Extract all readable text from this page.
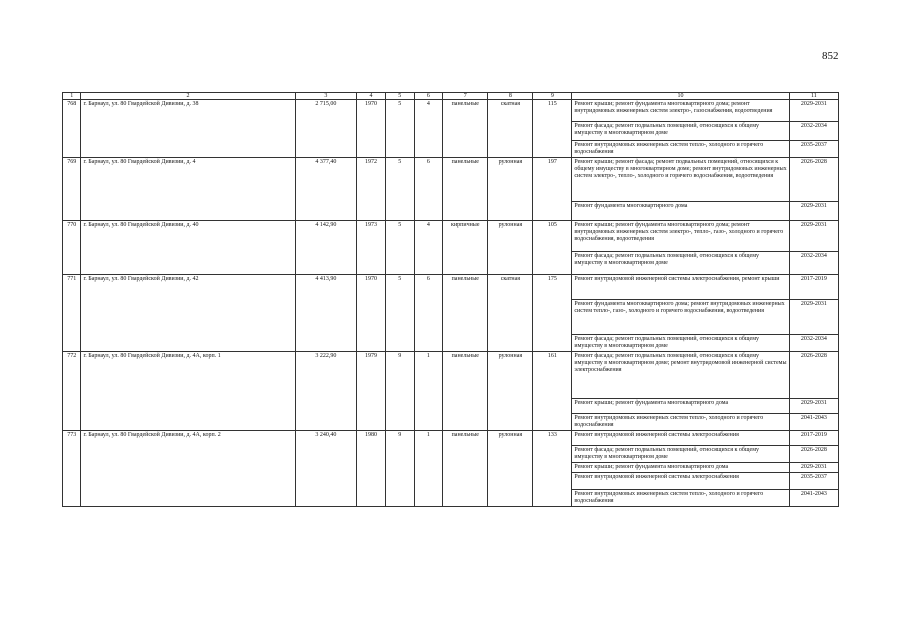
852
1	2	3	4	5	6	7	8	9	10	11
768	г. Барнаул, ул. 80 Гвардейской Дивизии, д. 38	2 715,00	1970	5	4	панельные	скатная	115	Ремонт крыши; ремонт фундамента многоквартирного дома; ремонт внутридомовых инженерных систем электро-, газоснабжения, водоотведения	2029-2031
									Ремонт фасада; ремонт подвальных помещений, относящихся к общему имуществу в многоквартирном доме	2032-2034
									Ремонт внутридомовых инженерных систем тепло-, холодного и горячего водоснабжения	2035-2037
769	г. Барнаул, ул. 80 Гвардейской Дивизии, д. 4	4 377,40	1972	5	6	панельные	рулонная	197	Ремонт крыши; ремонт фасада; ремонт подвальных помещений, относящихся к общему имуществу в многоквартирном доме; ремонт внутридомовых инженерных систем электро-, тепло-, холодного и горячего водоснабжения, водоотведения	2026-2028
									Ремонт фундамента многоквартирного дома	2029-2031
770	г. Барнаул, ул. 80 Гвардейской Дивизии, д. 40	4 142,90	1973	5	4	кирпичные	рулонная	105	Ремонт крыши; ремонт фундамента многоквартирного дома; ремонт внутридомовых инженерных систем электро-, тепло-, газо-, холодного и горячего водоснабжения, водоотведения	2029-2031
									Ремонт фасада; ремонт подвальных помещений, относящихся к общему имуществу в многоквартирном доме	2032-2034
771	г. Барнаул, ул. 80 Гвардейской Дивизии, д. 42	4 413,90	1970	5	6	панельные	скатная	175	Ремонт внутридомовой инженерной системы электроснабжения, ремонт крыши	2017-2019
									Ремонт фундамента многоквартирного дома; ремонт внутридомовых инженерных систем тепло-, газо-, холодного и горячего водоснабжения, водоотведения	2029-2031
									Ремонт фасада; ремонт подвальных помещений, относящихся к общему имуществу в многоквартирном доме	2032-2034
772	г. Барнаул, ул. 80 Гвардейской Дивизии, д. 4А, корп. 1	3 222,90	1979	9	1	панельные	рулонная	161	Ремонт фасада; ремонт подвальных помещений, относящихся к общему имуществу в многоквартирном доме; ремонт внутридомовой инженерной системы электроснабжения	2026-2028
									Ремонт крыши; ремонт фундамента многоквартирного дома	2029-2031
									Ремонт внутридомовых инженерных систем тепло-, холодного и горячего водоснабжения	2041-2043
773	г. Барнаул, ул. 80 Гвардейской Дивизии, д. 4А, корп. 2	3 240,40	1980	9	1	панельные	рулонная	133	Ремонт внутридомовой инженерной системы электроснабжения	2017-2019
									Ремонт фасада; ремонт подвальных помещений, относящихся к общему имуществу в многоквартирном доме	2026-2028
									Ремонт крыши; ремонт фундамента многоквартирного дома	2029-2031
									Ремонт внутридомовой инженерной системы электроснабжения	2035-2037
									Ремонт внутридомовых инженерных систем тепло-, холодного и горячего водоснабжения	2041-2043
